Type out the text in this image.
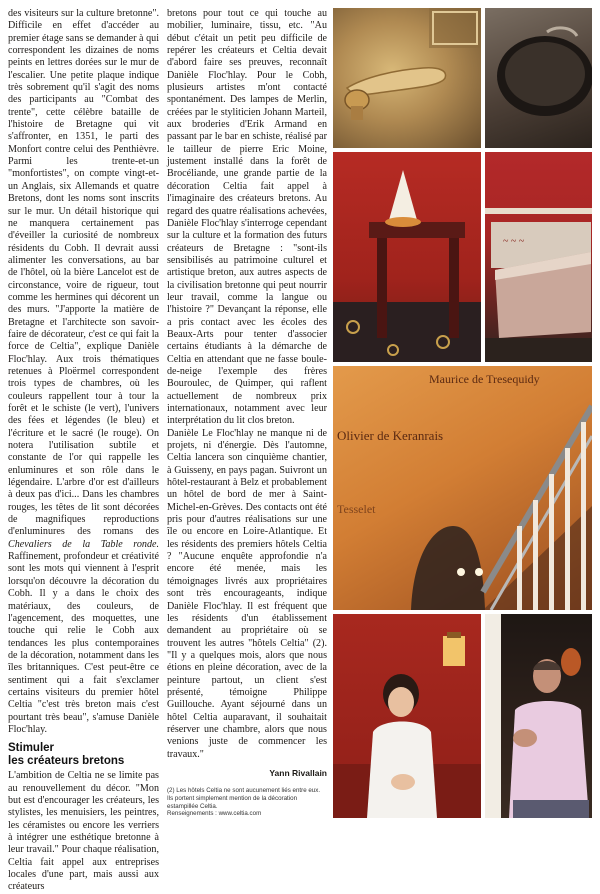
des visiteurs sur la culture bretonne". Difficile en effet d'accéder au premier étage sans se demander à qui correspondent les dizaines de noms peints en lettres dorées sur le mur de l'escalier. Une petite plaque indique très sobrement qu'il s'agit des noms des participants au "Combat des trente", cette célèbre bataille de l'histoire de Bretagne qui vit s'affronter, en 1351, le parti des Monfort contre celui des Penthièvre. Parmi les trente-et-un "monfortistes", on compte vingt-et-un Anglais, six Allemands et quatre Bretons, dont les noms sont inscrits sur le mur. Un détail historique qui ne manquera certainement pas d'éveiller la curiosité de nombreux résidents du Cobh. Il devrait aussi alimenter les conversations, au bar de l'hôtel, où la bière Lancelot est de circonstance, voire de rigueur, tout comme les hermines qui décorent un des murs. "J'apporte la matière de Bretagne et l'architecte son savoir-faire de décorateur, c'est ce qui fait la force de Celtia", explique Danièle Floc'hlay. Aux trois thématiques retenues à Ploërmel correspondent trois types de chambres, où les couleurs rappellent tour à tour la forêt et le schiste (le vert), l'univers des fées et légendes (le bleu) et l'écriture et le sacré (le rouge). On notera l'utilisation subtile et constante de l'or qui rappelle les enluminures et son rôle dans le légendaire. L'arbre d'or est d'ailleurs à deux pas d'ici... Dans les chambres rouges, les têtes de lit sont décorées de magnifiques reproductions d'enluminures des romans des Chevaliers de la Table ronde. Raffinement, profondeur et créativité sont les mots qui viennent à l'esprit lorsqu'on découvre la décoration du Cobh. Il y a dans le choix des matériaux, des couleurs, de l'agencement, des moquettes, une touche qui relie le Cobh aux tendances les plus contemporaines de la décoration, notamment dans les îles britanniques. C'est peut-être ce sentiment qui a fait s'exclamer certains visiteurs du premier hôtel Celtia "c'est très breton mais c'est pourtant très beau", s'amuse Danièle Floc'hlay.

Stimuler
les créateurs bretons

L'ambition de Celtia ne se limite pas au renouvellement du décor. "Mon but est d'encourager les créateurs, les stylistes, les menuisiers, les peintres, les céramistes ou encore les verriers à intégrer une esthétique bretonne à leur travail." Pour chaque réalisation, Celtia fait appel aux entreprises locales d'une part, mais aussi aux créateurs

bretons pour tout ce qui touche au mobilier, luminaire, tissu, etc. "Au début c'était un petit peu difficile de repérer les créateurs et Celtia devait d'abord faire ses preuves, reconnaît Danièle Floc'hlay. Pour le Cobh, plusieurs artistes m'ont contacté spontanément. Des lampes de Merlin, créées par le styliticien Johann Marteil, aux broderies d'Erik Armand en passant par le bar en schiste, réalisé par le tailleur de pierre Eric Moine, justement installé dans la forêt de Brocéliande, une grande partie de la décoration Celtia fait appel à l'imaginaire des créateurs bretons. Au regard des quatre réalisations achevées, Danièle Floc'hlay s'interroge cependant sur la culture et la formation des futurs créateurs de Bretagne : "sont-ils sensibilisés au patrimoine culturel et artistique breton, aux autres aspects de la civilisation bretonne qui peut nourrir leur travail, comme la langue ou l'histoire ?" Devançant la réponse, elle a pris contact avec les écoles des Beaux-Arts pour tenter d'associer certains étudiants à la démarche de Celtia en attendant que ne fasse boule-de-neige l'exemple des frères Bouroulec, de Quimper, qui raflent actuellement de nombreux prix internationaux, notamment avec leur interprétation du lit clos breton.

Danièle Le Floc'hlay ne manque ni de projets, ni d'énergie. Dès l'automne, Celtia lancera son cinquième chantier, à Guisseny, en pays pagan. Suivront un hôtel-restaurant à Belz et probablement un hôtel de bord de mer à Saint-Michel-en-Grèves. Des contacts ont été pris pour d'autres réalisations sur une île ou encore en Loire-Atlantique. Et les résidents des premiers hôtels Celtia ? "Aucune enquête approfondie n'a encore été menée, mais les témoignages livrés aux propriétaires sont très encourageants, indique Danièle Floc'hlay. Il est fréquent que les résidents d'un établissement demandent au propriétaire où se trouvent les autres "hôtels Celtia" (2). "Il y a quelques mois, alors que nous étions en pleine décoration, avec de la peinture partout, un client s'est présenté, témoigne Philippe Guillouche. Ayant séjourné dans un hôtel Celtia auparavant, il souhaitait réserver une chambre, alors que nous venions juste de commencer les travaux."

Yann Rivallain
(2) Les hôtels Celtia ne sont aucunement liés entre eux. Ils portent simplement mention de la décoration estampillée Celtia.
Renseignements : www.celtia.com
~ ~ ~
Maurice de Tresequidy
Olivier de Keranrais
Tesselet
